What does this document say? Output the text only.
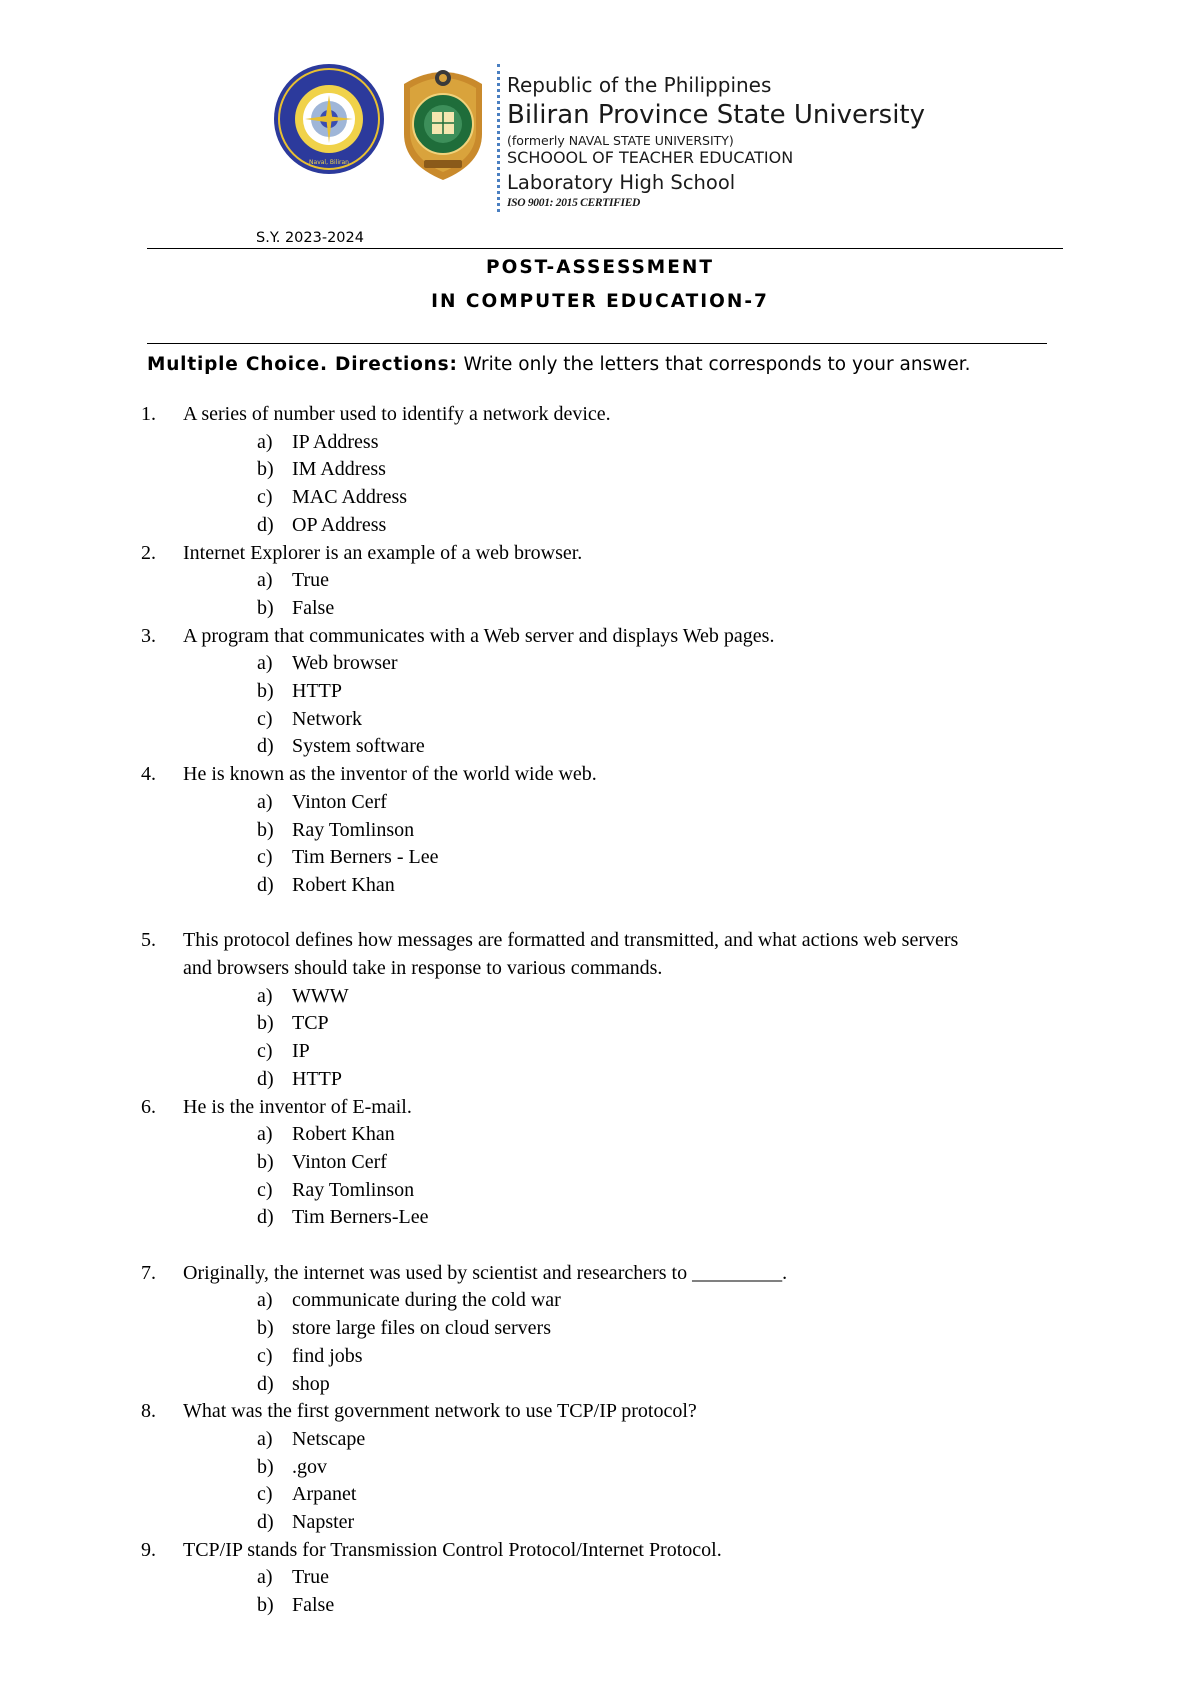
Naval, Biliran
Republic of the Philippines
Biliran Province State University
(formerly NAVAL STATE UNIVERSITY)
SCHOOOL OF TEACHER EDUCATION
Laboratory High School
ISO 9001: 2015 CERTIFIED
S.Y. 2023-2024
POST-ASSESSMENT
IN COMPUTER EDUCATION-7
Multiple Choice. Directions: Write only the letters that corresponds to your answer.
1. A series of number used to identify a network device.
a) IP Address
b) IM Address
c) MAC Address
d) OP Address
2. Internet Explorer is an example of a web browser.
a) True
b) False
3. A program that communicates with a Web server and displays Web pages.
a) Web browser
b) HTTP
c) Network
d) System software
4. He is known as the inventor of the world wide web.
a) Vinton Cerf
b) Ray Tomlinson
c) Tim Berners - Lee
d) Robert Khan
5. This protocol defines how messages are formatted and transmitted, and what actions web servers
and browsers should take in response to various commands.
a) WWW
b) TCP
c) IP
d) HTTP
6. He is the inventor of E-mail.
a) Robert Khan
b) Vinton Cerf
c) Ray Tomlinson
d) Tim Berners-Lee
7. Originally, the internet was used by scientist and researchers to _________.
a) communicate during the cold war
b) store large files on cloud servers
c) find jobs
d) shop
8. What was the first government network to use TCP/IP protocol?
a) Netscape
b) .gov
c) Arpanet
d) Napster
9. TCP/IP stands for Transmission Control Protocol/Internet Protocol.
a) True
b) False
